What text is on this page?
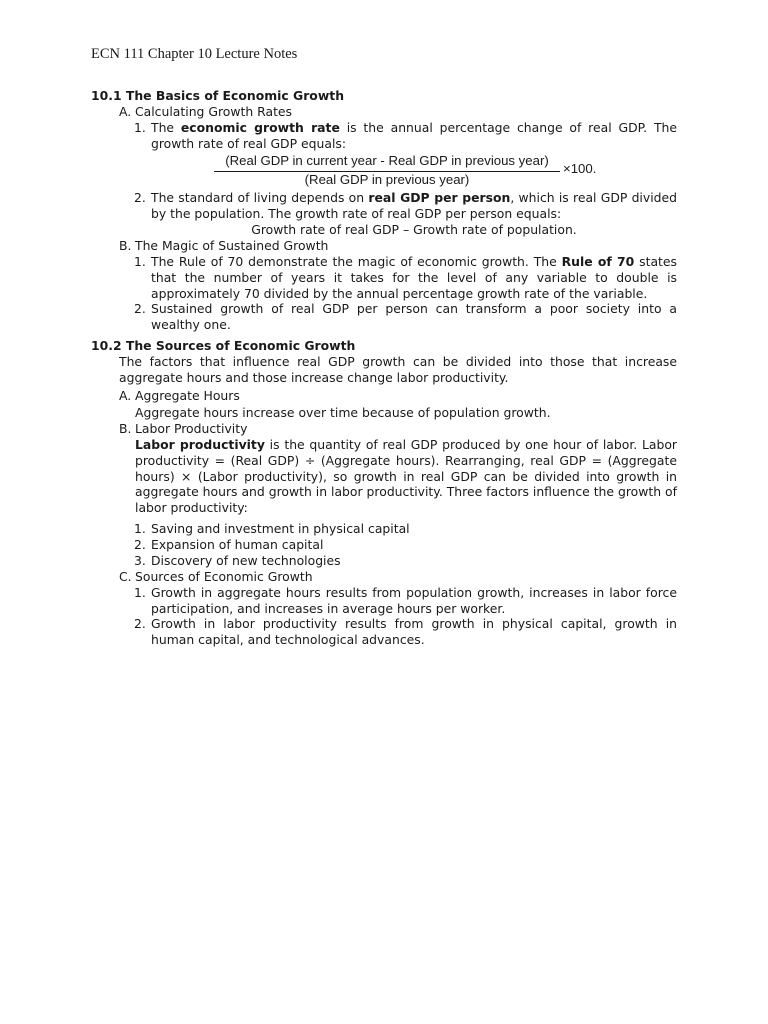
ECN 111 Chapter 10 Lecture Notes
10.1 The Basics of Economic Growth
A. Calculating Growth Rates
1. The economic growth rate is the annual percentage change of real GDP. The growth rate of real GDP equals:
(Real GDP in current year - Real GDP in previous year)
(Real GDP in previous year)
×100.
2. The standard of living depends on real GDP per person, which is real GDP divided by the population. The growth rate of real GDP per person equals:
Growth rate of real GDP – Growth rate of population.
B. The Magic of Sustained Growth
1. The Rule of 70 demonstrate the magic of economic growth. The Rule of 70 states that the number of years it takes for the level of any variable to double is approximately 70 divided by the annual percentage growth rate of the variable.
2. Sustained growth of real GDP per person can transform a poor society into a wealthy one.
10.2 The Sources of Economic Growth
The factors that influence real GDP growth can be divided into those that increase aggregate hours and those increase change labor productivity.
A. Aggregate Hours
Aggregate hours increase over time because of population growth.
B. Labor Productivity
Labor productivity is the quantity of real GDP produced by one hour of labor. Labor productivity = (Real GDP) ÷ (Aggregate hours). Rearranging, real GDP = (Aggregate hours) × (Labor productivity), so growth in real GDP can be divided into growth in aggregate hours and growth in labor productivity. Three factors influence the growth of labor productivity:
1. Saving and investment in physical capital
2. Expansion of human capital
3. Discovery of new technologies
C. Sources of Economic Growth
1. Growth in aggregate hours results from population growth, increases in labor force participation, and increases in average hours per worker.
2. Growth in labor productivity results from growth in physical capital, growth in human capital, and technological advances.
